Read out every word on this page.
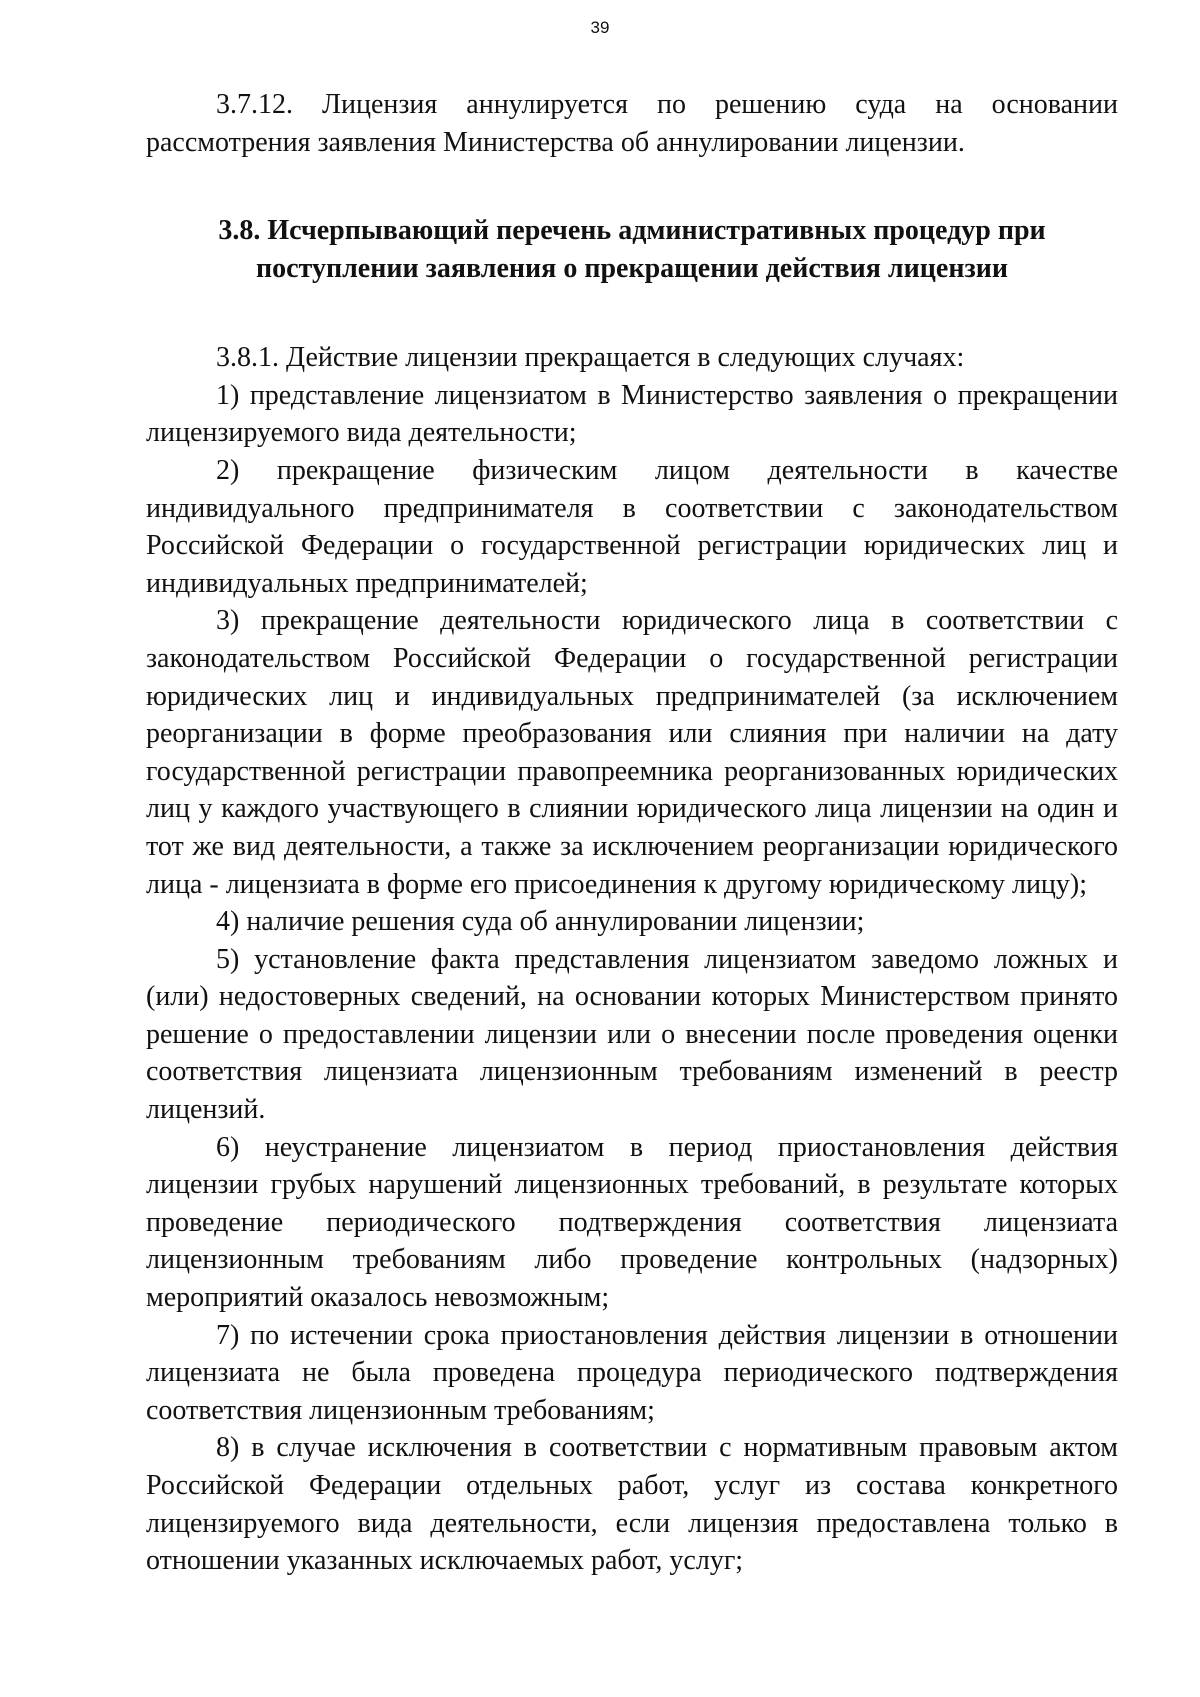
39

3.7.12. Лицензия аннулируется по решению суда на основании рассмотрения заявления Министерства об аннулировании лицензии.

3.8. Исчерпывающий перечень административных процедур при
поступлении заявления о прекращении действия лицензии

3.8.1. Действие лицензии прекращается в следующих случаях:

1) представление лицензиатом в Министерство заявления о прекращении лицензируемого вида деятельности;

2) прекращение физическим лицом деятельности в качестве индивидуального предпринимателя в соответствии с законодательством Российской Федерации о государственной регистрации юридических лиц и индивидуальных предпринимателей;

3) прекращение деятельности юридического лица в соответствии с законодательством Российской Федерации о государственной регистрации юридических лиц и индивидуальных предпринимателей (за исключением реорганизации в форме преобразования или слияния при наличии на дату государственной регистрации правопреемника реорганизованных юридических лиц у каждого участвующего в слиянии юридического лица лицензии на один и тот же вид деятельности, а также за исключением реорганизации юридического лица - лицензиата в форме его присоединения к другому юридическому лицу);

4) наличие решения суда об аннулировании лицензии;

5) установление факта представления лицензиатом заведомо ложных и (или) недостоверных сведений, на основании которых Министерством принято решение о предоставлении лицензии или о внесении после проведения оценки соответствия лицензиата лицензионным требованиям изменений в реестр лицензий.

6) неустранение лицензиатом в период приостановления действия лицензии грубых нарушений лицензионных требований, в результате которых проведение периодического подтверждения соответствия лицензиата лицензионным требованиям либо проведение контрольных (надзорных) мероприятий оказалось невозможным;

7) по истечении срока приостановления действия лицензии в отношении лицензиата не была проведена процедура периодического подтверждения соответствия лицензионным требованиям;

8) в случае исключения в соответствии с нормативным правовым актом Российской Федерации отдельных работ, услуг из состава конкретного лицензируемого вида деятельности, если лицензия предоставлена только в отношении указанных исключаемых работ, услуг;
